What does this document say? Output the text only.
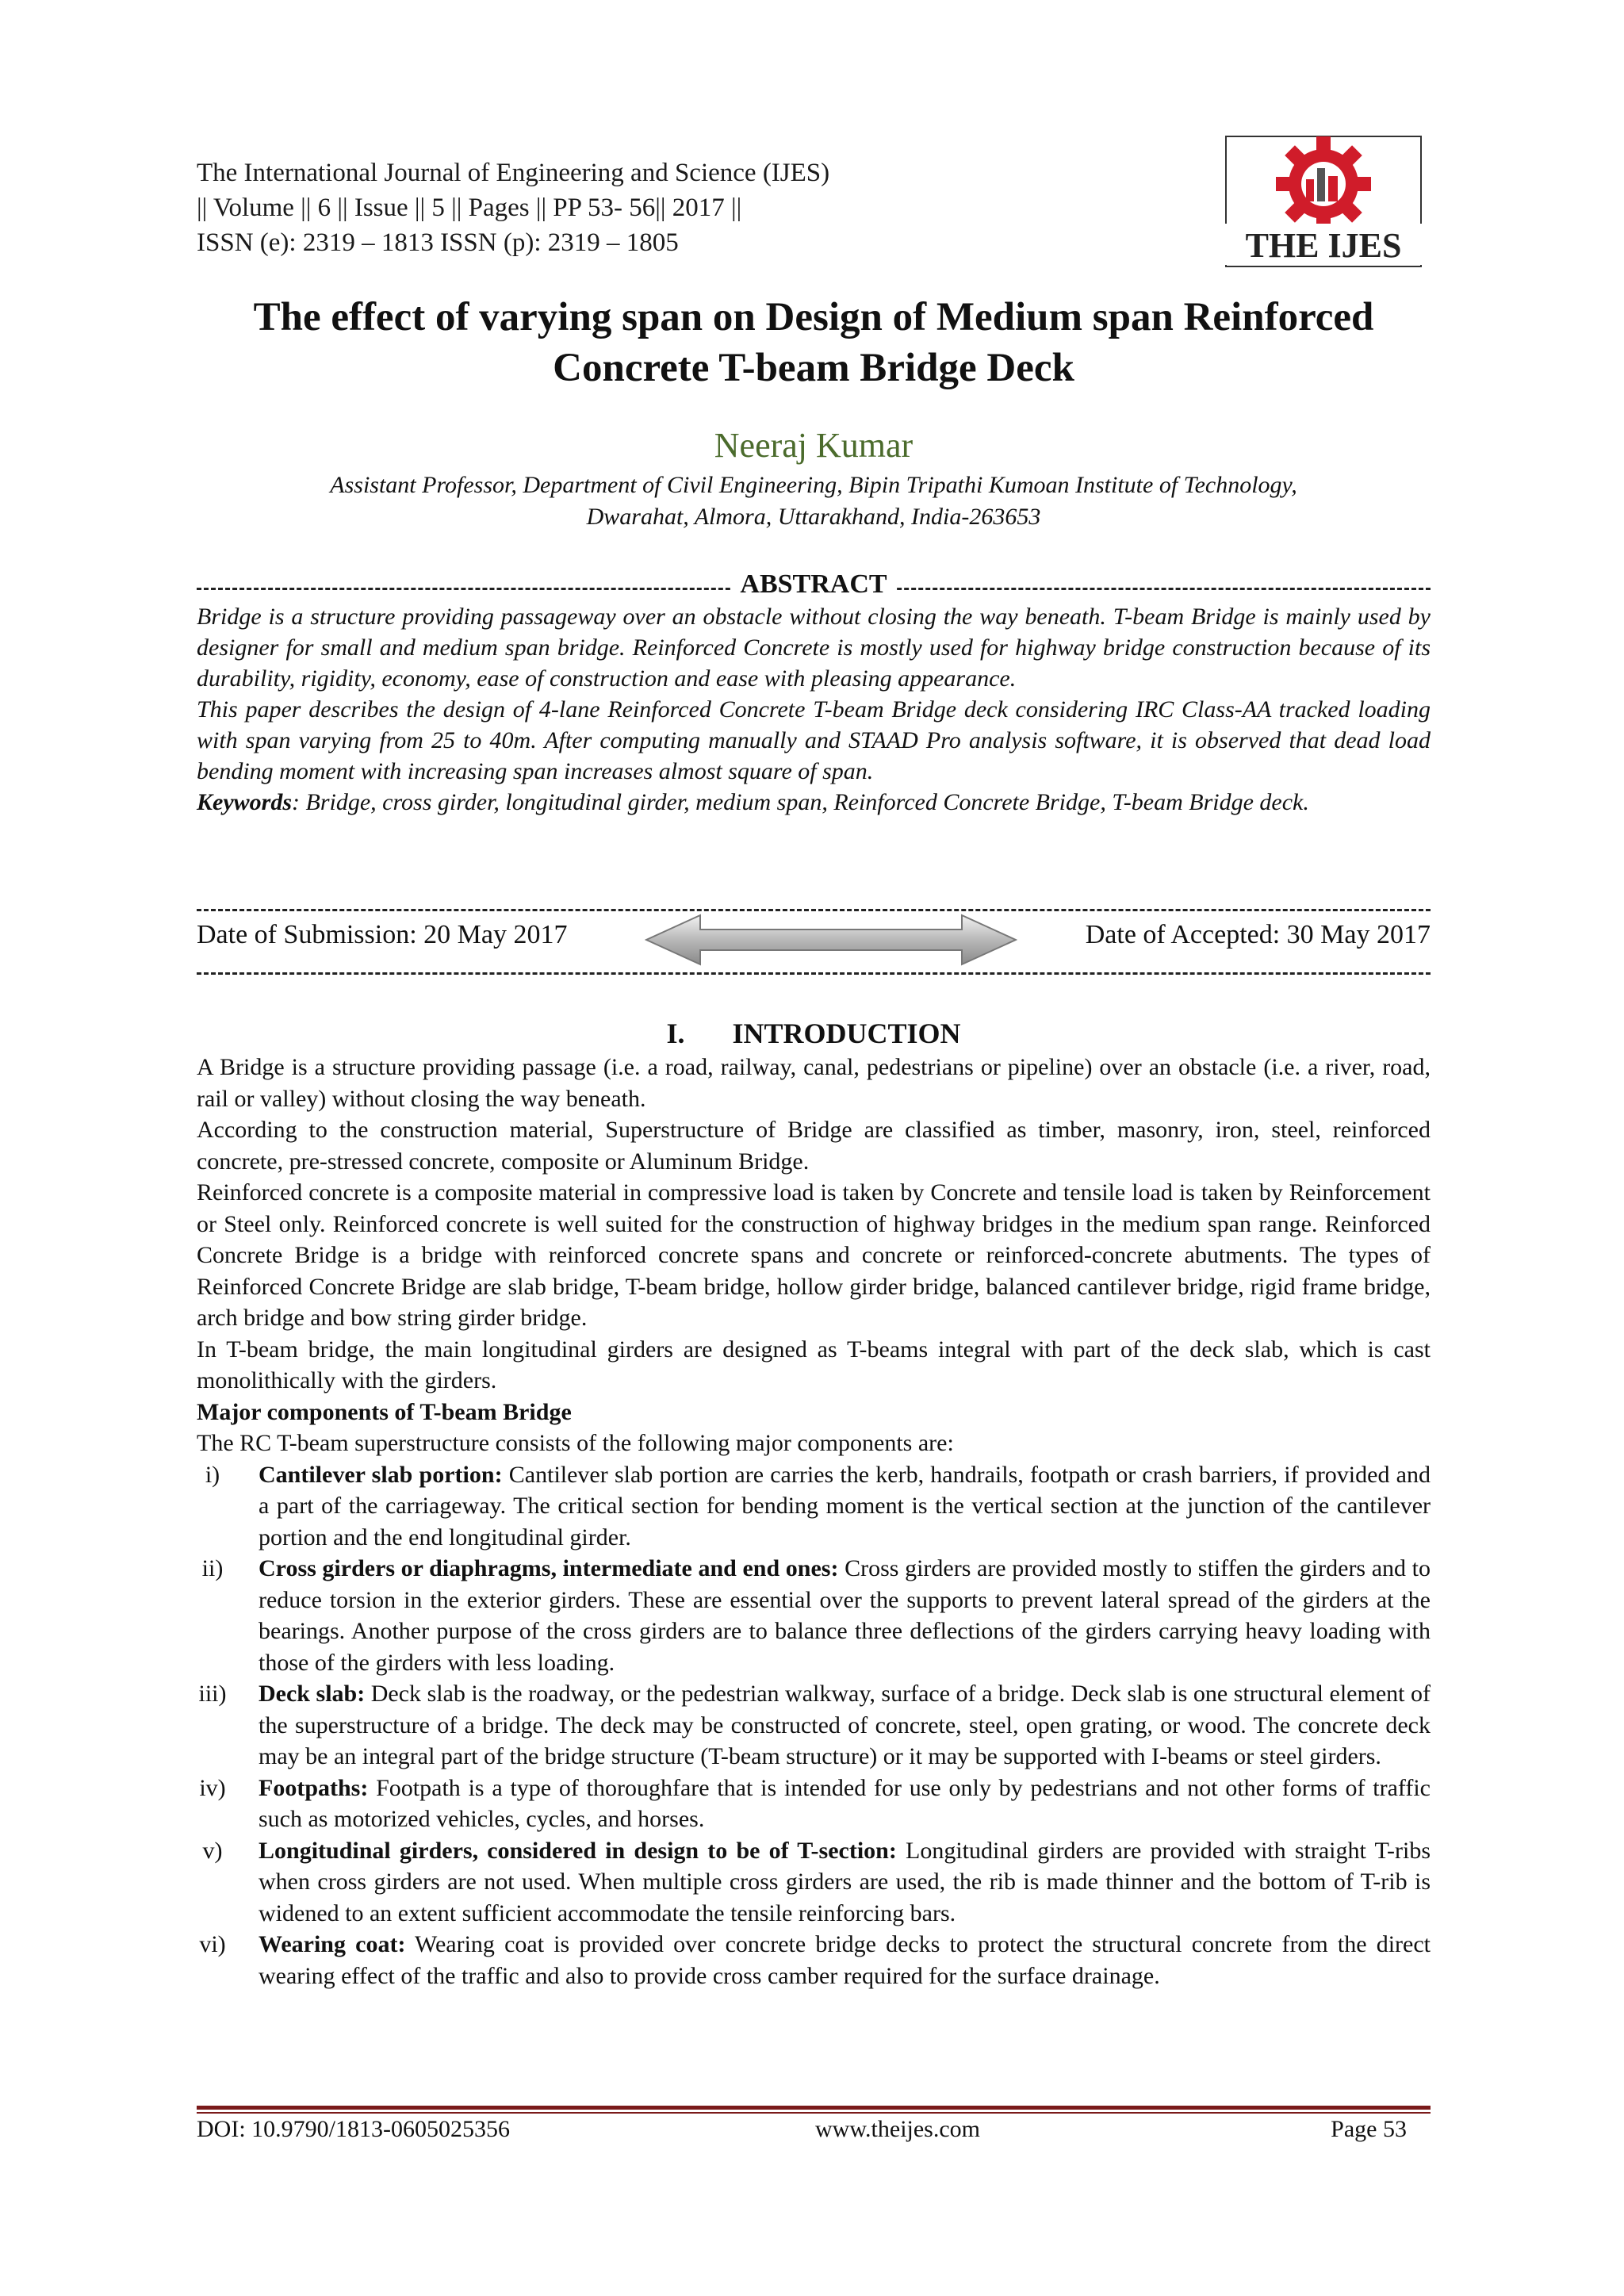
The International Journal of Engineering and Science (IJES)
|| Volume || 6 || Issue || 5 || Pages || PP 53- 56|| 2017 ||
ISSN (e): 2319 – 1813 ISSN (p): 2319 – 1805	THE IJES
The effect of varying span on Design of Medium span Reinforced
Concrete T-beam Bridge Deck
Neeraj Kumar
Assistant Professor, Department of Civil Engineering, Bipin Tripathi Kumoan Institute of Technology,
Dwarahat, Almora, Uttarakhand, India-263653
ABSTRACT

Bridge is a structure providing passageway over an obstacle without closing the way beneath. T-beam Bridge is mainly used by designer for small and medium span bridge. Reinforced Concrete is mostly used for highway bridge construction because of its durability, rigidity, economy, ease of construction and ease with pleasing appearance.

This paper describes the design of 4-lane Reinforced Concrete T-beam Bridge deck considering IRC Class-AA tracked loading with span varying from 25 to 40m. After computing manually and STAAD Pro analysis software, it is observed that dead load bending moment with increasing span increases almost square of span.

Keywords: Bridge, cross girder, longitudinal girder, medium span, Reinforced Concrete Bridge, T-beam Bridge deck.

Date of Submission: 20 May 2017	Date of Accepted: 30 May 2017
I. INTRODUCTION

A Bridge is a structure providing passage (i.e. a road, railway, canal, pedestrians or pipeline) over an obstacle (i.e. a river, road, rail or valley) without closing the way beneath.

According to the construction material, Superstructure of Bridge are classified as timber, masonry, iron, steel, reinforced concrete, pre-stressed concrete, composite or Aluminum Bridge.

Reinforced concrete is a composite material in compressive load is taken by Concrete and tensile load is taken by Reinforcement or Steel only. Reinforced concrete is well suited for the construction of highway bridges in the medium span range. Reinforced Concrete Bridge is a bridge with reinforced concrete spans and concrete or reinforced-concrete abutments. The types of Reinforced Concrete Bridge are slab bridge, T-beam bridge, hollow girder bridge, balanced cantilever bridge, rigid frame bridge, arch bridge and bow string girder bridge.

In T-beam bridge, the main longitudinal girders are designed as T-beams integral with part of the deck slab, which is cast monolithically with the girders.

Major components of T-beam Bridge

The RC T-beam superstructure consists of the following major components are:

i)	Cantilever slab portion: Cantilever slab portion are carries the kerb, handrails, footpath or crash barriers, if provided and a part of the carriageway. The critical section for bending moment is the vertical section at the junction of the cantilever portion and the end longitudinal girder.
ii)	Cross girders or diaphragms, intermediate and end ones: Cross girders are provided mostly to stiffen the girders and to reduce torsion in the exterior girders. These are essential over the supports to prevent lateral spread of the girders at the bearings. Another purpose of the cross girders are to balance three deflections of the girders carrying heavy loading with those of the girders with less loading.
iii)	Deck slab: Deck slab is the roadway, or the pedestrian walkway, surface of a bridge. Deck slab is one structural element of the superstructure of a bridge. The deck may be constructed of concrete, steel, open grating, or wood. The concrete deck may be an integral part of the bridge structure (T-beam structure) or it may be supported with I-beams or steel girders.
iv)	Footpaths: Footpath is a type of thoroughfare that is intended for use only by pedestrians and not other forms of traffic such as motorized vehicles, cycles, and horses.
v)	Longitudinal girders, considered in design to be of T-section: Longitudinal girders are provided with straight T-ribs when cross girders are not used. When multiple cross girders are used, the rib is made thinner and the bottom of T-rib is widened to an extent sufficient accommodate the tensile reinforcing bars.
vi)	Wearing coat: Wearing coat is provided over concrete bridge decks to protect the structural concrete from the direct wearing effect of the traffic and also to provide cross camber required for the surface drainage.
DOI: 10.9790/1813-0605025356	www.theijes.com	Page 53
